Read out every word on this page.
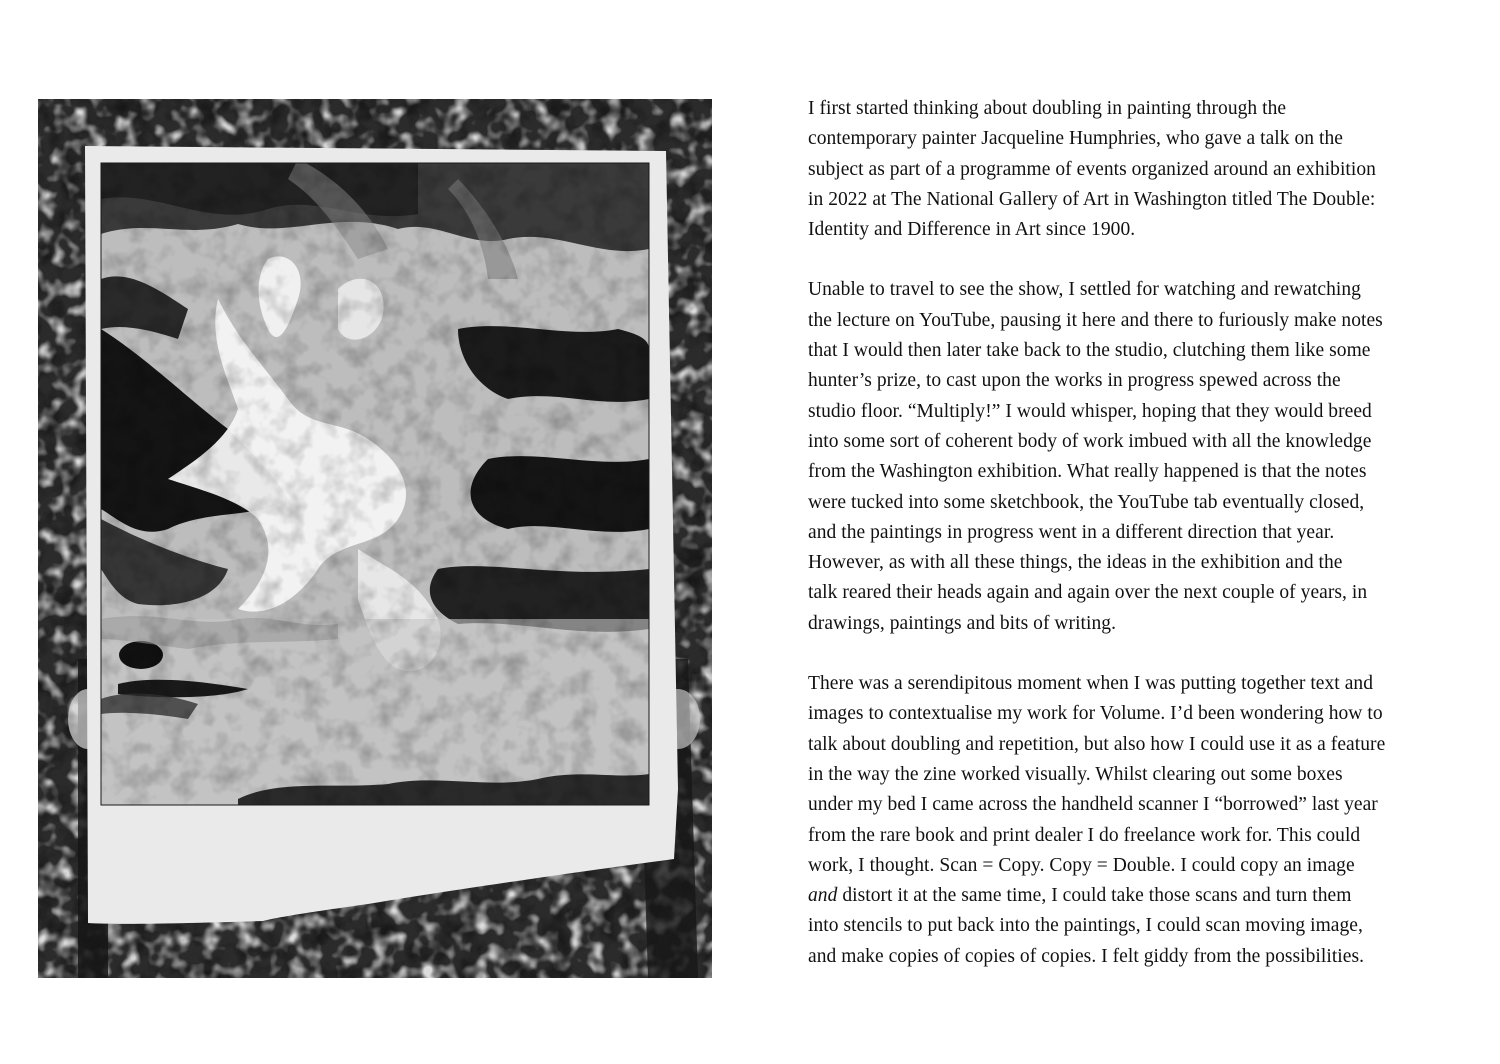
I first started thinking about doubling in painting through the
contemporary painter Jacqueline Humphries, who gave a talk on the
subject as part of a programme of events organized around an exhibition
in 2022 at The National Gallery of Art in Washington titled The Double:
Identity and Difference in Art since 1900.

Unable to travel to see the show, I settled for watching and rewatching
the lecture on YouTube, pausing it here and there to furiously make notes
that I would then later take back to the studio, clutching them like some
hunter’s prize, to cast upon the works in progress spewed across the
studio floor. “Multiply!” I would whisper, hoping that they would breed
into some sort of coherent body of work imbued with all the knowledge
from the Washington exhibition. What really happened is that the notes
were tucked into some sketchbook, the YouTube tab eventually closed,
and the paintings in progress went in a different direction that year.
However, as with all these things, the ideas in the exhibition and the
talk reared their heads again and again over the next couple of years, in
drawings, paintings and bits of writing.

There was a serendipitous moment when I was putting together text and
images to contextualise my work for Volume. I’d been wondering how to
talk about doubling and repetition, but also how I could use it as a feature
in the way the zine worked visually. Whilst clearing out some boxes
under my bed I came across the handheld scanner I “borrowed” last year
from the rare book and print dealer I do freelance work for. This could
work, I thought. Scan = Copy. Copy = Double. I could copy an image
and distort it at the same time, I could take those scans and turn them
into stencils to put back into the paintings, I could scan moving image,
and make copies of copies of copies. I felt giddy from the possibilities.
